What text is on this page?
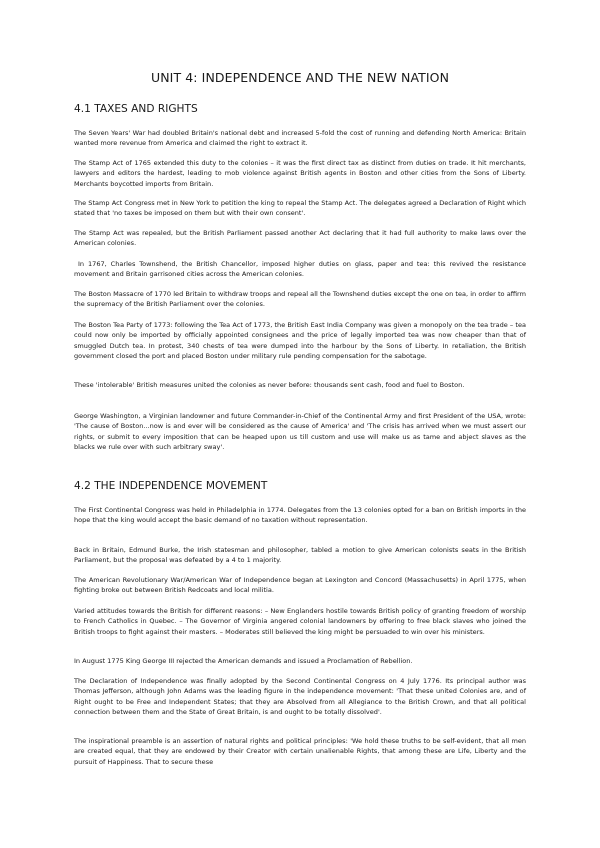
UNIT 4: INDEPENDENCE AND THE NEW NATION
4.1 TAXES AND RIGHTS

The Seven Years' War had doubled Britain's national debt and increased 5-fold the cost of running and defending North America: Britain wanted more revenue from America and claimed the right to extract it.

The Stamp Act of 1765 extended this duty to the colonies – it was the first direct tax as distinct from duties on trade. It hit merchants, lawyers and editors the hardest, leading to mob violence against British agents in Boston and other cities from the Sons of Liberty. Merchants boycotted imports from Britain.

The Stamp Act Congress met in New York to petition the king to repeal the Stamp Act. The delegates agreed a Declaration of Right which stated that 'no taxes be imposed on them but with their own consent'.

The Stamp Act was repealed, but the British Parliament passed another Act declaring that it had full authority to make laws over the American colonies.

In 1767, Charles Townshend, the British Chancellor, imposed higher duties on glass, paper and tea: this revived the resistance movement and Britain garrisoned cities across the American colonies.

The Boston Massacre of 1770 led Britain to withdraw troops and repeal all the Townshend duties except the one on tea, in order to affirm the supremacy of the British Parliament over the colonies.

The Boston Tea Party of 1773: following the Tea Act of 1773, the British East India Company was given a monopoly on the tea trade – tea could now only be imported by officially appointed consignees and the price of legally imported tea was now cheaper than that of smuggled Dutch tea. In protest, 340 chests of tea were dumped into the harbour by the Sons of Liberty. In retaliation, the British government closed the port and placed Boston under military rule pending compensation for the sabotage.

These 'intolerable' British measures united the colonies as never before: thousands sent cash, food and fuel to Boston.

George Washington, a Virginian landowner and future Commander-in-Chief of the Continental Army and first President of the USA, wrote: 'The cause of Boston...now is and ever will be considered as the cause of America' and 'The crisis has arrived when we must assert our rights, or submit to every imposition that can be heaped upon us till custom and use will make us as tame and abject slaves as the blacks we rule over with such arbitrary sway'.

4.2 THE INDEPENDENCE MOVEMENT

The First Continental Congress was held in Philadelphia in 1774. Delegates from the 13 colonies opted for a ban on British imports in the hope that the king would accept the basic demand of no taxation without representation.

Back in Britain, Edmund Burke, the Irish statesman and philosopher, tabled a motion to give American colonists seats in the British Parliament, but the proposal was defeated by a 4 to 1 majority.

The American Revolutionary War/American War of Independence began at Lexington and Concord (Massachusetts) in April 1775, when fighting broke out between British Redcoats and local militia.

Varied attitudes towards the British for different reasons: – New Englanders hostile towards British policy of granting freedom of worship to French Catholics in Quebec. – The Governor of Virginia angered colonial landowners by offering to free black slaves who joined the British troops to fight against their masters. – Moderates still believed the king might be persuaded to win over his ministers.

In August 1775 King George III rejected the American demands and issued a Proclamation of Rebellion.

The Declaration of Independence was finally adopted by the Second Continental Congress on 4 July 1776. Its principal author was Thomas Jefferson, although John Adams was the leading figure in the independence movement: 'That these united Colonies are, and of Right ought to be Free and Independent States; that they are Absolved from all Allegiance to the British Crown, and that all political connection between them and the State of Great Britain, is and ought to be totally dissolved'.

The inspirational preamble is an assertion of natural rights and political principles: 'We hold these truths to be self-evident, that all men are created equal, that they are endowed by their Creator with certain unalienable Rights, that among these are Life, Liberty and the pursuit of Happiness. That to secure these
